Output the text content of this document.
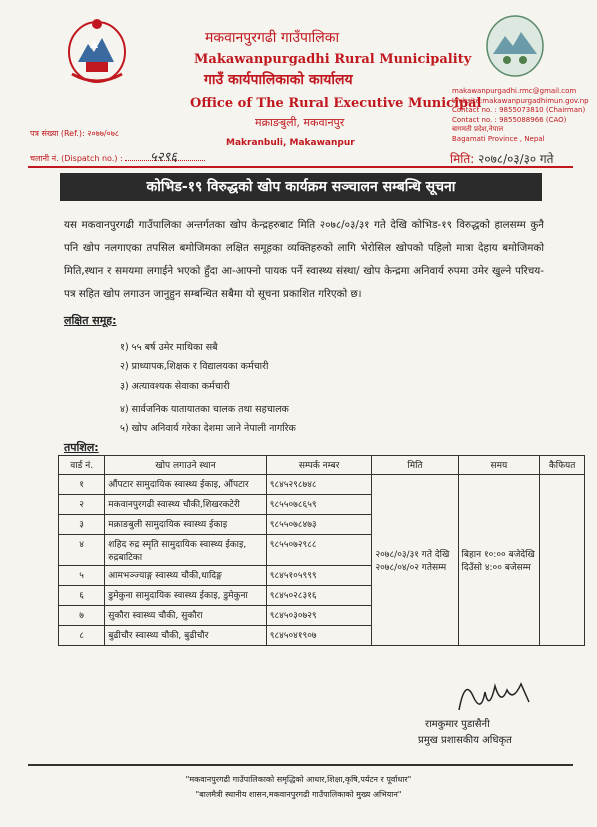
मकवानपुरगढी गाउँपालिका
Makawanpurgadhi Rural Municipality
गाउँ कार्यपालिकाको कार्यालय
Office of The Rural Executive Municipal
मक्राङबुली, मकवानपुर
Makranbuli, Makawanpur
makawanpurgadhi.rmc@gmail.com
Website:makawanpurgadhimun.gov.np
Contact no. : 9855073810 (Chairman)
Contact no. : 9855088966 (CAO)
बागमती प्रदेश,नेपाल
Bagamati Province , Nepal
पत्र संख्या (Ref.): २०७७/०७८
चलानी नं. (Dispatch no.) :	५२९६	मिति: २०७८/०३/३० गते
कोभिड-१९ विरुद्धको खोप कार्यक्रम सञ्चालन सम्बन्धि सूचना
यस मकवानपुरगढी गाउँपालिका अन्तर्गतका खोप केन्द्रहरुबाट मिति २०७८/०३/३१ गते देखि कोभिड-१९ विरुद्धको हालसम्म कुनै पनि खोप नलगाएका तपसिल बमोजिमका लक्षित समूहका व्यक्तिहरुको लागि भेरोसिल खोपको पहिलो मात्रा देहाय बमोजिमको मिति,स्थान र समयमा लगाईने भएको हुँदा आ-आफ्नो पायक पर्ने स्वास्थ्य संस्था/ खोप केन्द्रमा अनिवार्य रुपमा उमेर खुल्ने परिचय-पत्र सहित खोप लगाउन जानुहुन सम्बन्धित सबैमा यो सूचना प्रकाशित गरिएको छ।
लक्षित समूह:
१) ५५ बर्ष उमेर माथिका सबै
२) प्राध्यापक,शिक्षक र विद्यालयका कर्मचारी
३) अत्यावश्यक सेवाका कर्मचारी
४) सार्वजनिक यातायातका चालक तथा सहचालक
५) खोप अनिवार्य गरेका देशमा जाने नेपाली नागरिक
तपशिल:
वार्ड नं.	खोप लगाउने स्थान	सम्पर्क नम्बर	मिति	समय	कैफियत
१	औंपटार सामुदायिक स्वास्थ्य ईकाइ, औंपटार	९८४५२९८७४८	२०७८/०३/३१ गते देखि २०७८/०४/०२ गतेसम्म	बिहान १०:०० बजेदेखि दिउँसो ४:०० बजेसम्म	
२	मकवानपुरगढी स्वास्थ्य चौकी,शिखरकटेरी	९८५५०७८६५९			
३	मक्राङबुली सामुदायिक स्वास्थ्य ईकाइ	९८५५०७८४७३			
४	शहिद रुद्र स्मृति सामुदायिक स्वास्थ्य ईकाइ, रुद्रबाटिका	९८५५०७२९८८			
५	आमभञ्ज्याङ्ग स्वास्थ्य चौकी,धादिङ्ग	९८४५१०५९९९			
६	डुमेकुना सामुदायिक स्वास्थ्य ईकाइ, डुमेकुना	९८४५०२८३१६			
७	सुकौरा स्वास्थ्य चौकी, सुकौरा	९८४५०३०७२९			
८	बुढीचौर स्वास्थ्य चौकी, बुढीचौर	९८४५०४१९०७			
रामकुमार पुडासैनी
प्रमुख प्रशासकीय अधिकृत
"मकवानपुरगढी गाउँपालिकाको समृद्धिको आधार,शिक्षा,कृषि,पर्यटन र पूर्वाधार"
"बालमैत्री स्थानीय शासन,मकवानपुरगढी गाउँपालिकाको मुख्य अभियान"
